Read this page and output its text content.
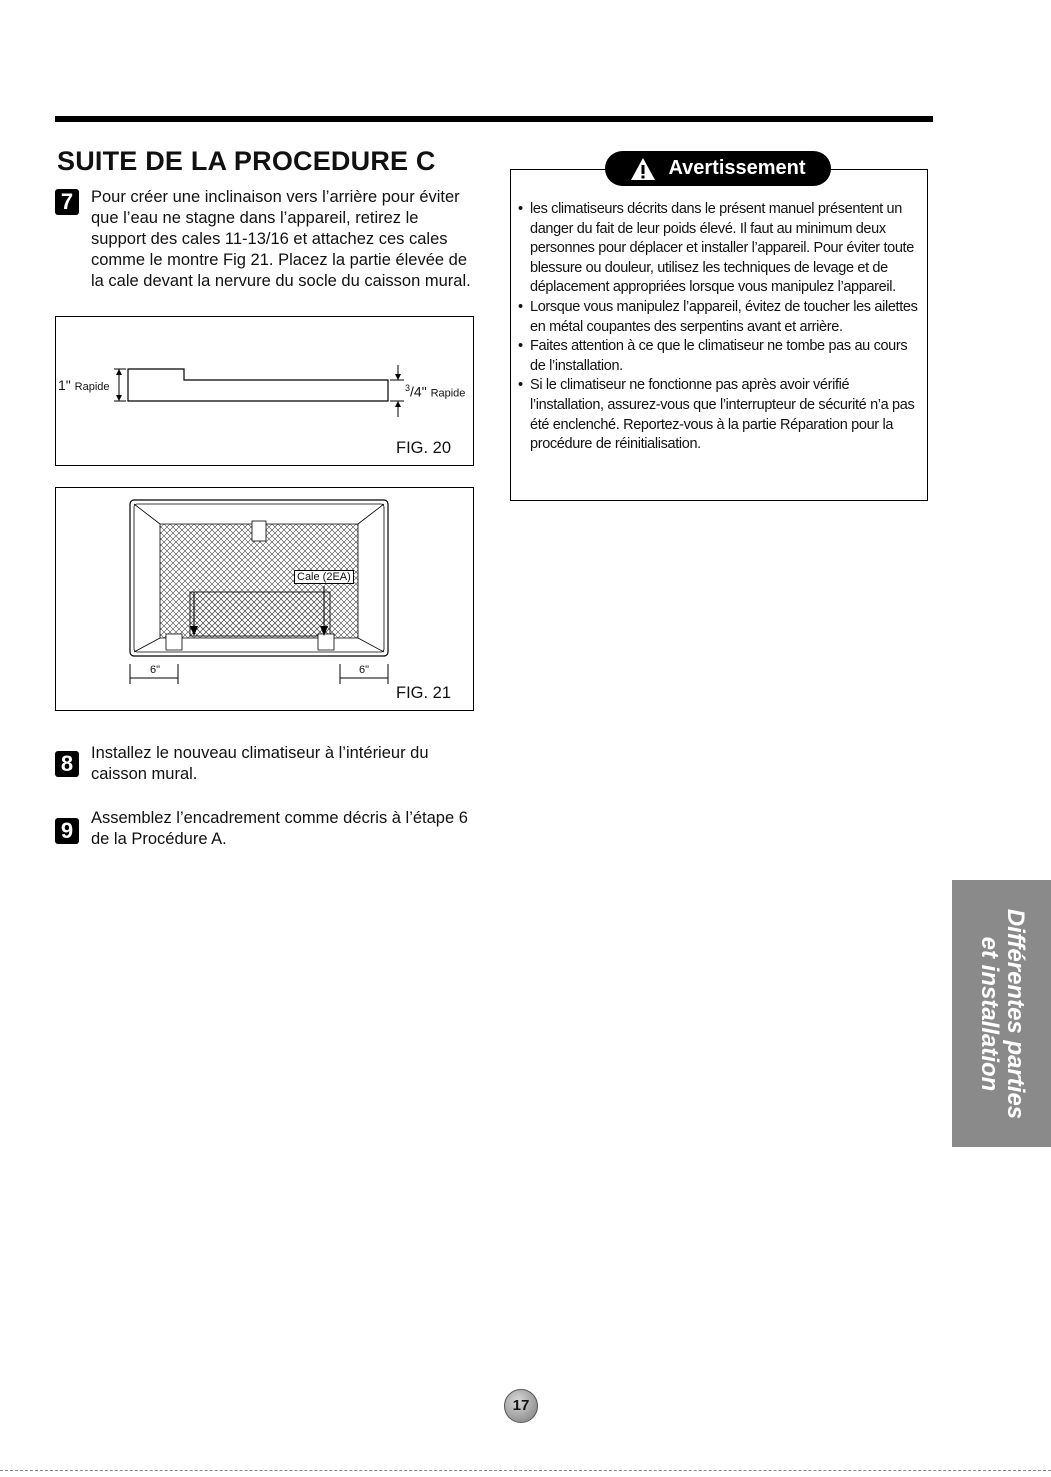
SUITE DE LA PROCEDURE C
7	Pour créer une inclinaison vers l’arrière pour éviter que l’eau ne stagne dans l’appareil, retirez le support des cales 11-13/16 et attachez ces cales comme le montre Fig 21. Placez la partie élevée de la cale devant la nervure du socle du caisson mural.

1" Rapide	$^3$/4" Rapide
FIG. 20
Cale (2EA)
6"	6"
FIG. 21
8	Installez le nouveau climatiseur à l’intérieur du caisson mural.

9	Assemblez l’encadrement comme décris à l’étape 6 de la Procédure A.

Avertissement
• les climatiseurs décrits dans le présent manuel présentent un danger du fait de leur poids élevé. Il faut au minimum deux personnes pour déplacer et installer l’appareil. Pour éviter toute blessure ou douleur, utilisez les techniques de levage et de déplacement appropriées lorsque vous manipulez l’appareil.
• Lorsque vous manipulez l’appareil, évitez de toucher les ailettes en métal coupantes des serpentins avant et arrière.
• Faites attention à ce que le climatiseur ne tombe pas au cours de l’installation.
• Si le climatiseur ne fonctionne pas après avoir vérifié l’installation, assurez-vous que l’interrupteur de sécurité n’a pas été enclenché. Reportez-vous à la partie Réparation pour la procédure de réinitialisation.
Différentes parties et installation
17
